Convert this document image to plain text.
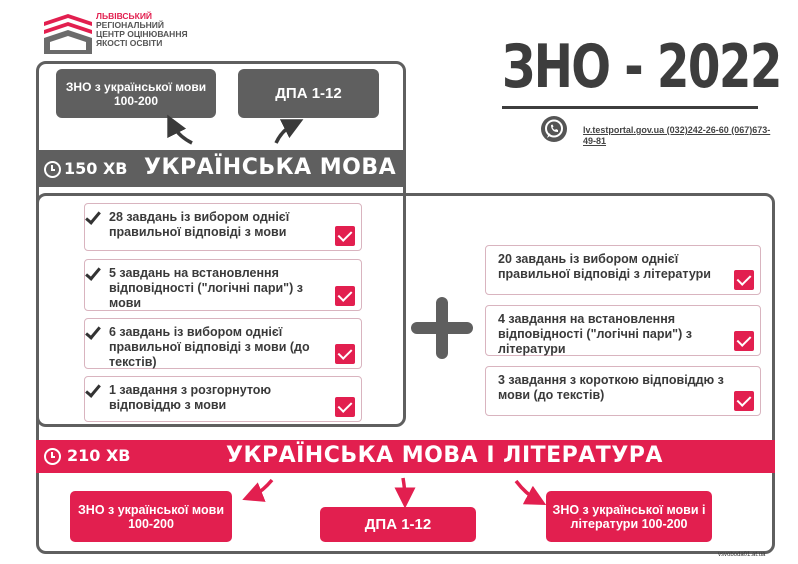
ЛЬВІВСЬКИЙ
РЕГІОНАЛЬНИЙ
ЦЕНТР ОЦІНЮВАННЯ
ЯКОСТІ ОСВІТИ	ЗНО - 2022
lv.testportal.gov.ua (032)242-26-60 (067)673-49-81
ЗНО з української мови 100-200	ДПА 1-12
150 ХВ УКРАЇНСЬКА МОВА
28 завдань із вибором однієї правильної відповіді з мови
5 завдань на встановлення відповідності ("логічні пари") з мови
6 завдань із вибором однієї правильної відповіді з мови (до текстів)
1 завдання з розгорнутою відповіддю з мови
20 завдань із вибором однієї правильної відповіді з літератури
4 завдання на встановлення відповідності ("логічні пари") з літератури
3 завдання з короткою відповіддю з мови (до текстів)
210 ХВ	УКРАЇНСЬКА МОВА І ЛІТЕРАТУРА
ЗНО з української мови 100-200	ДПА 1-12
ЗНО з української мови і літератури 100-200
vsvoboda01.at.ua
